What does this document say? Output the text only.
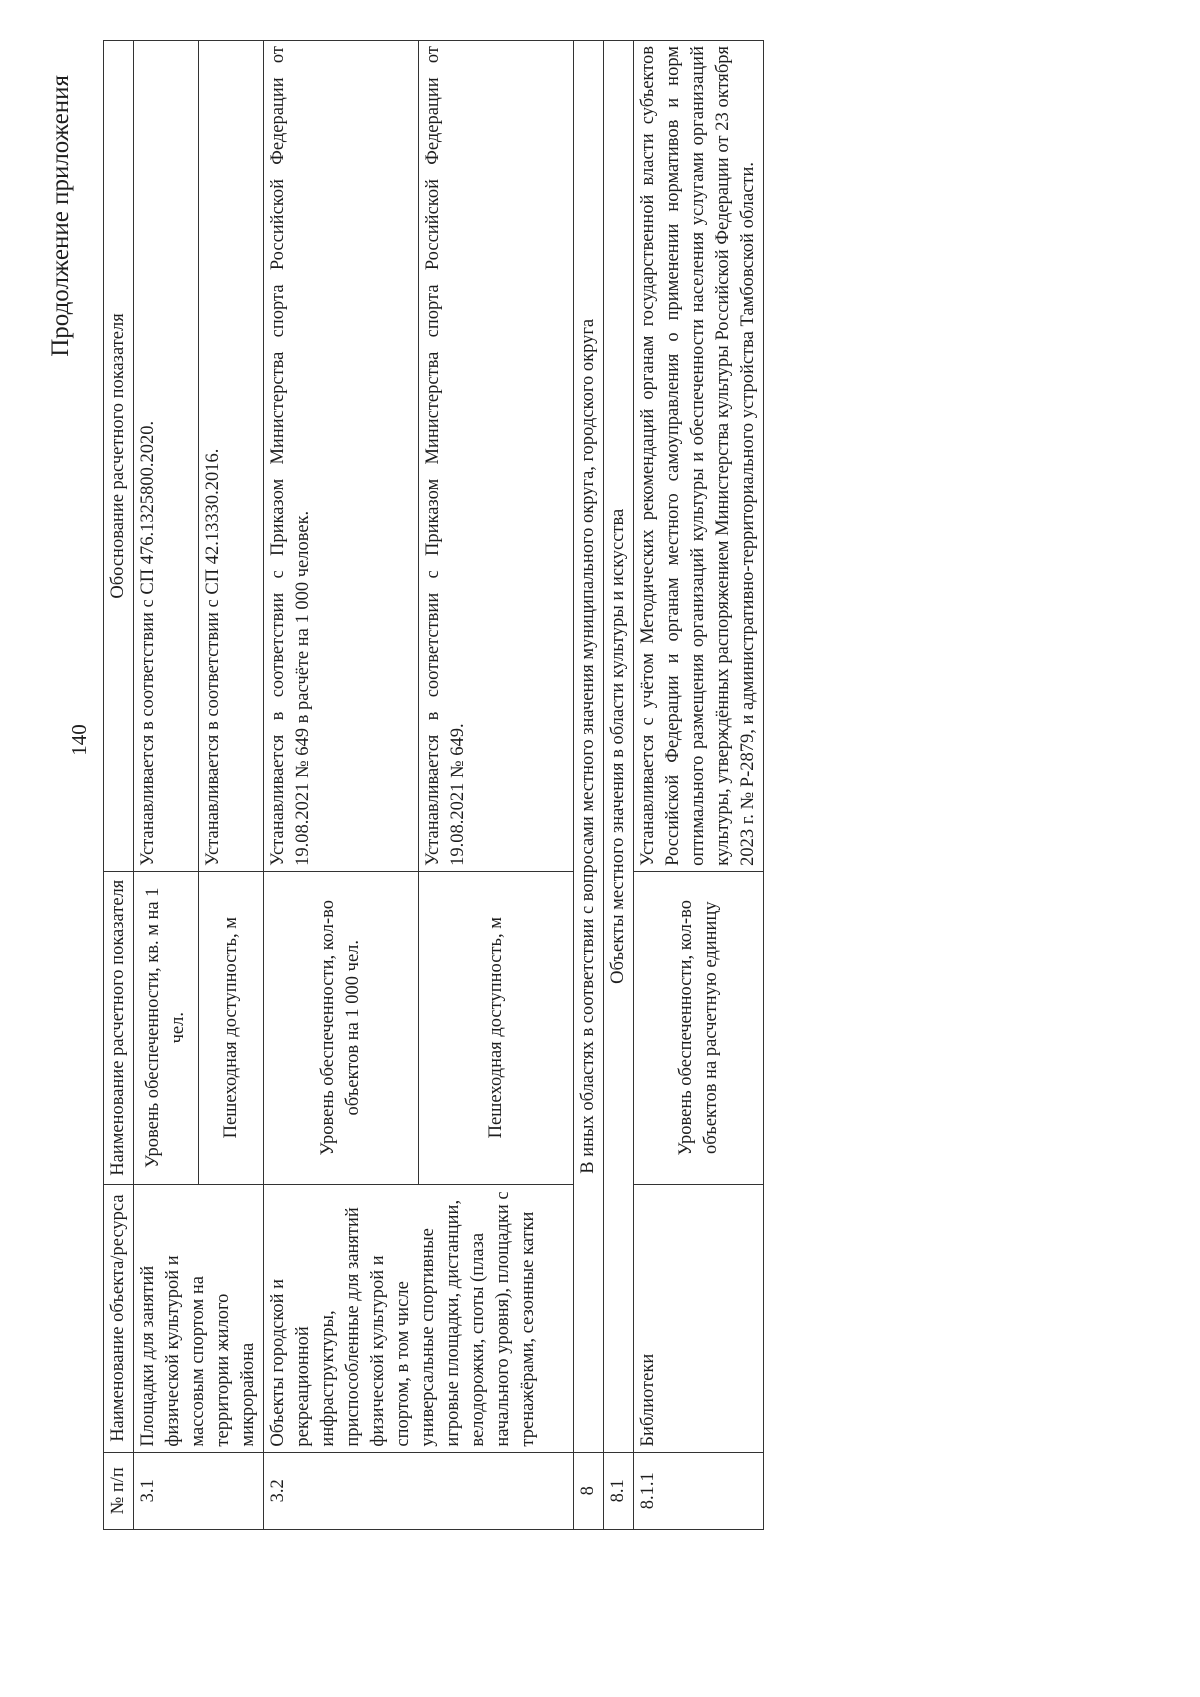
140
Продолжение приложения
№ п/п	Наименование объекта/ресурса	Наименование расчетного показателя	Обоснование расчетного показателя
3.1	Площадки для занятий физической культурой и массовым спортом на территории жилого микрорайона	Уровень обеспеченности, кв. м на 1 чел.	Устанавливается в соответствии с СП 476.1325800.2020.
		Пешеходная доступность, м	Устанавливается в соответствии с СП 42.13330.2016.
3.2	Объекты городской и рекреационной инфраструктуры, приспособленные для занятий физической культурой и спортом, в том числе универсальные спортивные игровые площадки, дистанции, велодорожки, споты (плаза начального уровня), площадки с тренажёрами, сезонные катки	Уровень обеспеченности, кол-во объектов на 1 000 чел.	Устанавливается в соответствии с Приказом Министерства спорта Российской Федерации от 19.08.2021 № 649 в расчёте на 1 000 человек.
		Пешеходная доступность, м	Устанавливается в соответствии с Приказом Министерства спорта Российской Федерации от 19.08.2021 № 649.
8	В иных областях в соответствии с вопросами местного значения муниципального округа, городского округа		
8.1	Объекты местного значения в области культуры и искусства		
8.1.1	Библиотеки	Уровень обеспеченности, кол-во объектов на расчетную единицу	Устанавливается с учётом Методических рекомендаций органам государственной власти субъектов Российской Федерации и органам местного самоуправления о применении нормативов и норм оптимального размещения организаций культуры и обеспеченности населения услугами организаций культуры, утверждённых распоряжением Министерства культуры Российской Федерации от 23 октября 2023 г. № Р-2879, и административно-территориального устройства Тамбовской области.
